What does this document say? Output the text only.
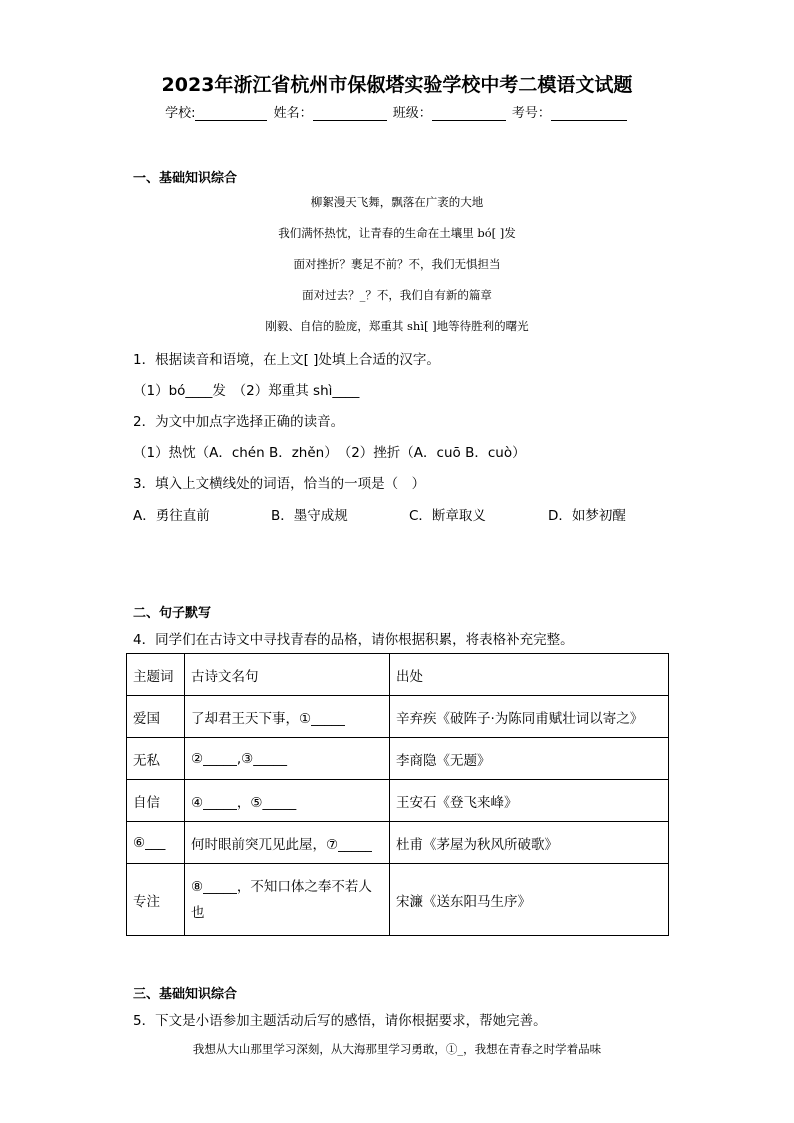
2023年浙江省杭州市保俶塔实验学校中考二模语文试题
学校:	姓名：	班级：	考号：
一、基础知识综合
柳絮漫天飞舞，飘落在广袤的大地
我们满怀热忱，让青春的生命在土壤里 bó[ ]发
面对挫折？裹足不前？不，我们无惧担当
面对过去？_？不，我们自有新的篇章
刚毅、自信的脸庞，郑重其 shì[ ]地等待胜利的曙光
1．根据读音和语境，在上文[ ]处填上合适的汉字。
（1）bó____发　（2）郑重其 shì____
2．为文中加点字选择正确的读音。
（1）热忱（A．chén B．zhěn）　（2）挫折（A．cuō B．cuò）
3．填入上文横线处的词语，恰当的一项是（　）
A．勇往直前	B．墨守成规	C．断章取义	D．如梦初醒
二、句子默写
4．同学们在古诗文中寻找青春的品格，请你根据积累，将表格补充完整。
主题词	古诗文名句	出处
爱国	了却君王天下事，①_____	辛弃疾《破阵子·为陈同甫赋壮词以寄之》
无私	②_____,③_____	李商隐《无题》
自信	④_____，⑤_____	王安石《登飞来峰》
⑥___	何时眼前突兀见此屋，⑦_____	杜甫《茅屋为秋风所破歌》
专注	⑧_____，不知口体之奉不若人也	宋濂《送东阳马生序》
三、基础知识综合
5．下文是小语参加主题活动后写的感悟，请你根据要求，帮她完善。
我想从大山那里学习深刻，从大海那里学习勇敢，①_，我想在青春之时学着品味
